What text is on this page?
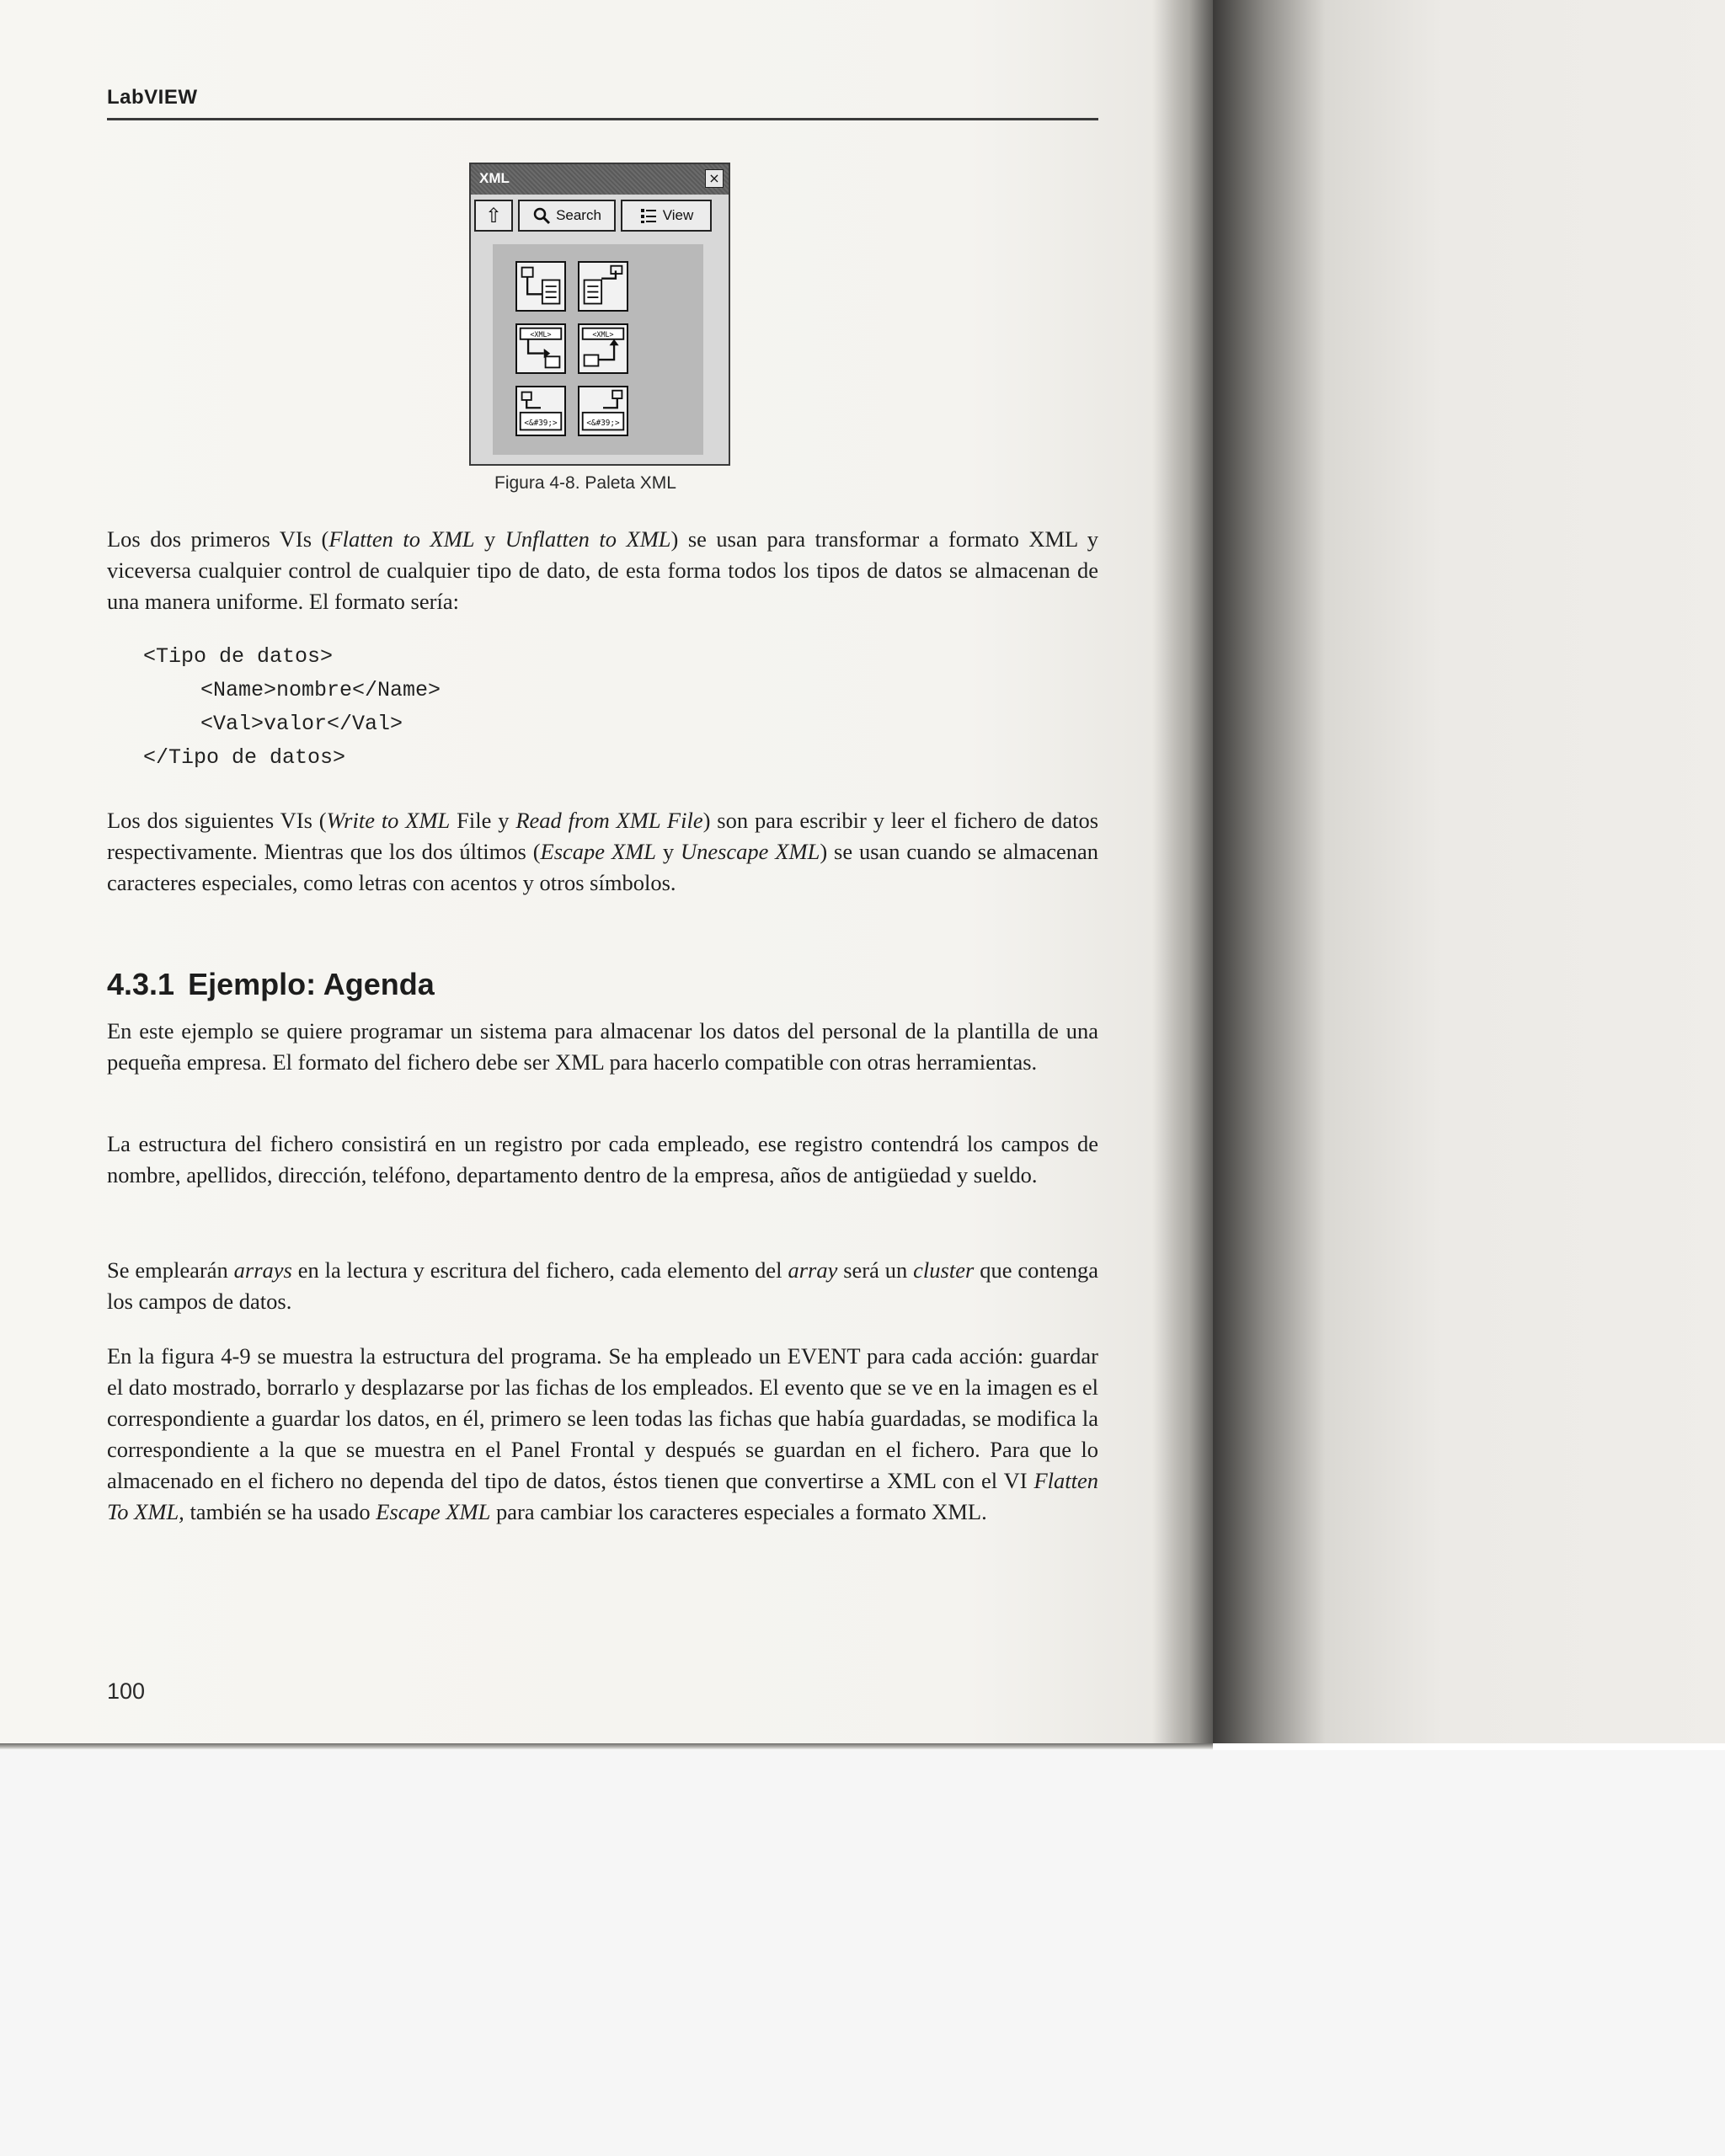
LabVIEW
XML	×
⇧	Search	View
<XML>	<XML>
<&#39;>	<&#39;>
Figura 4-8. Paleta XML

Los dos primeros VIs (Flatten to XML y Unflatten to XML) se usan para transformar a formato XML y viceversa cualquier control de cualquier tipo de dato, de esta forma todos los tipos de datos se almacenan de una manera uniforme. El formato sería:

<Tipo de datos>
<Name>nombre</Name>
<Val>valor</Val>
</Tipo de datos>

Los dos siguientes VIs (Write to XML File y Read from XML File) son para escribir y leer el fichero de datos respectivamente. Mientras que los dos últimos (Escape XML y Unescape XML) se usan cuando se almacenan caracteres especiales, como letras con acentos y otros símbolos.

4.3.1 Ejemplo: Agenda

En este ejemplo se quiere programar un sistema para almacenar los datos del personal de la plantilla de una pequeña empresa. El formato del fichero debe ser XML para hacerlo compatible con otras herramientas.

La estructura del fichero consistirá en un registro por cada empleado, ese registro contendrá los campos de nombre, apellidos, dirección, teléfono, departamento dentro de la empresa, años de antigüedad y sueldo.

Se emplearán arrays en la lectura y escritura del fichero, cada elemento del array será un cluster que contenga los campos de datos.

En la figura 4-9 se muestra la estructura del programa. Se ha empleado un EVENT para cada acción: guardar el dato mostrado, borrarlo y desplazarse por las fichas de los empleados. El evento que se ve en la imagen es el correspondiente a guardar los datos, en él, primero se leen todas las fichas que había guardadas, se modifica la correspondiente a la que se muestra en el Panel Frontal y después se guardan en el fichero. Para que lo almacenado en el fichero no dependa del tipo de datos, éstos tienen que convertirse a XML con el VI Flatten To XML, también se ha usado Escape XML para cambiar los caracteres especiales a formato XML.

100
